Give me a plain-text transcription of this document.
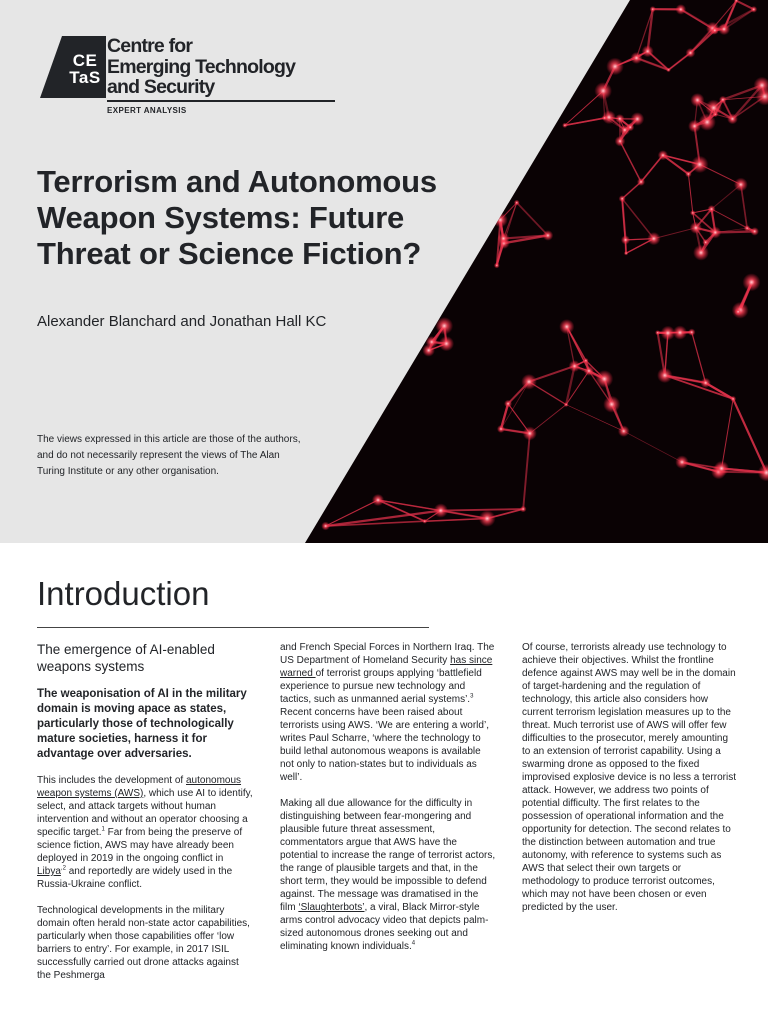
CE
TaS
Centre for
Emerging Technology
and Security
EXPERT ANALYSIS
Terrorism and Autonomous
Weapon Systems: Future
Threat or Science Fiction?
Alexander Blanchard and Jonathan Hall KC
The views expressed in this article are those of the authors,
and do not necessarily represent the views of The Alan
Turing Institute or any other organisation.
Introduction

The emergence of AI-enabled weapons systems

The weaponisation of AI in the military domain is moving apace as states, particularly those of technologically mature societies, harness it for advantage over adversaries.

This includes the development of autonomous weapon systems (AWS), which use AI to identify, select, and attack targets without human intervention and without an operator choosing a specific target.$^1$ Far from being the preserve of science fiction, AWS may have already been deployed in 2019 in the ongoing conflict in Libya$^{,2}$ and reportedly are widely used in the Russia-Ukraine conflict.

Technological developments in the military domain often herald non-state actor capabilities, particularly when those capabilities offer ‘low barriers to entry’. For example, in 2017 ISIL successfully carried out drone attacks against the Peshmerga

and French Special Forces in Northern Iraq. The US Department of Homeland Security has since warned of terrorist groups applying ‘battlefield experience to pursue new technology and tactics, such as unmanned aerial systems’.$^3$ Recent concerns have been raised about terrorists using AWS. ‘We are entering a world’, writes Paul Scharre, ‘where the technology to build lethal autonomous weapons is available not only to nation-states but to individuals as well’.

Making all due allowance for the difficulty in distinguishing between fear-mongering and plausible future threat assessment, commentators argue that AWS have the potential to increase the range of terrorist actors, the range of plausible targets and that, in the short term, they would be impossible to defend against. The message was dramatised in the film ‘Slaughterbots’, a viral, Black Mirror-style arms control advocacy video that depicts palm-sized autonomous drones seeking out and eliminating known individuals.$^4$

Of course, terrorists already use technology to achieve their objectives. Whilst the frontline defence against AWS may well be in the domain of target-hardening and the regulation of technology, this article also considers how current terrorism legislation measures up to the threat. Much terrorist use of AWS will offer few difficulties to the prosecutor, merely amounting to an extension of terrorist capability. Using a swarming drone as opposed to the fixed improvised explosive device is no less a terrorist attack. However, we address two points of potential difficulty. The first relates to the possession of operational information and the opportunity for detection. The second relates to the distinction between automation and true autonomy, with reference to systems such as AWS that select their own targets or methodology to produce terrorist outcomes, which may not have been chosen or even predicted by the user.
